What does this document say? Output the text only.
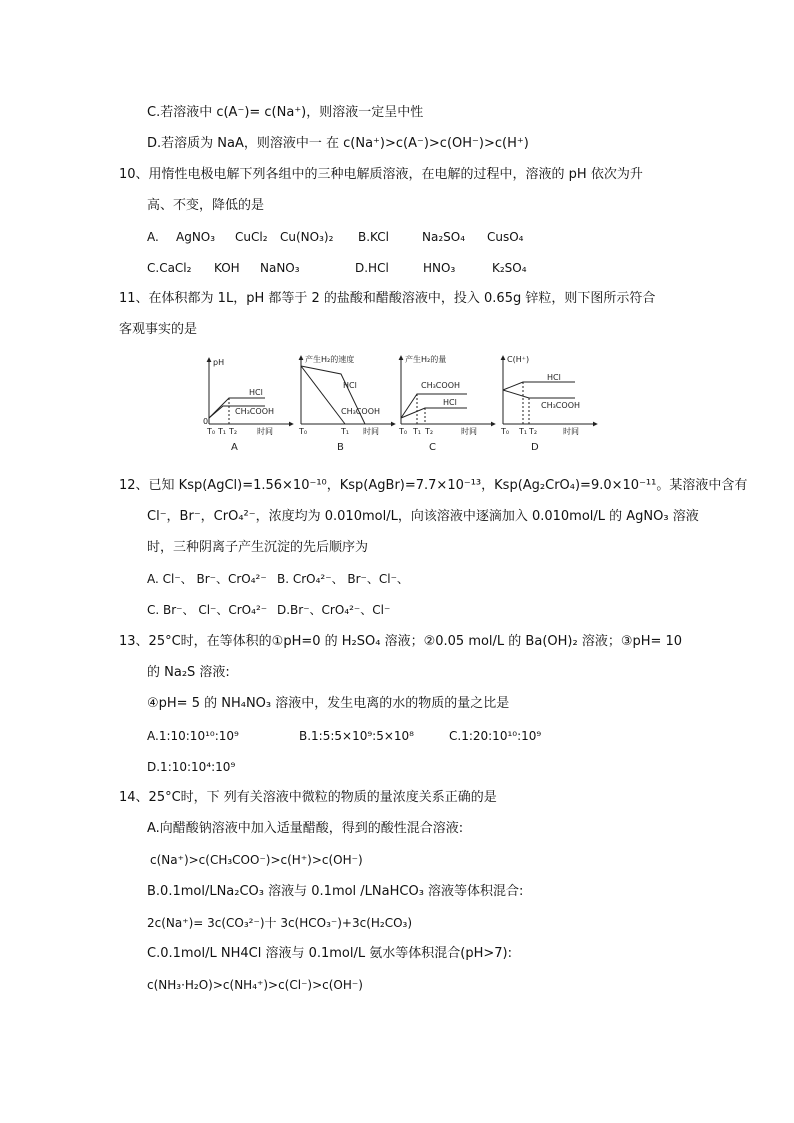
C.若溶液中 c(A⁻)= c(Na⁺)，则溶液一定呈中性
D.若溶质为 NaA，则溶液中一 在 c(Na⁺)>c(A⁻)>c(OH⁻)>c(H⁺)
10、用惰性电极电解下列各组中的三种电解质溶液，在电解的过程中，溶液的 pH 依次为升
高、不变，降低的是
A. AgNO₃ CuCl₂ Cu(NO₃)₂ B.KCl	Na₂SO₄ CusO₄
C.CaCl₂ KOH NaNO₃	D.HCl	HNO₃	K₂SO₄
11、在体积都为 1L，pH 都等于 2 的盐酸和醋酸溶液中，投入 0.65g 锌粒，则下图所示符合
客观事实的是
pH
HCl
CH₃COOH
0
T₀ T₁ T₂ 时间
A
产生H₂的速度
HCl
CH₃COOH
T₀	T₁ 时间
B
产生H₂的量
CH₃COOH
HCl
T₀ T₁ T₂	时间
C
C(H⁺)
HCl
CH₃COOH
T₀ T₁ T₂	时间
D
12、已知 Ksp(AgCl)=1.56×10⁻¹⁰，Ksp(AgBr)=7.7×10⁻¹³，Ksp(Ag₂CrO₄)=9.0×10⁻¹¹。某溶液中含有
Cl⁻，Br⁻，CrO₄²⁻，浓度均为 0.010mol/L，向该溶液中逐滴加入 0.010mol/L 的 AgNO₃ 溶液
时，三种阴离子产生沉淀的先后顺序为
A. Cl⁻、 Br⁻、CrO₄²⁻ B. CrO₄²⁻、 Br⁻、Cl⁻、
C. Br⁻、 Cl⁻、CrO₄²⁻ D.Br⁻、CrO₄²⁻、Cl⁻
13、25°C时，在等体积的①pH=0 的 H₂SO₄ 溶液；②0.05 mol/L 的 Ba(OH)₂ 溶液；③pH= 10
的 Na₂S 溶液:
④pH= 5 的 NH₄NO₃ 溶液中，发生电离的水的物质的量之比是
A.1:10:10¹⁰:10⁹	B.1:5:5×10⁹:5×10⁸	C.1:20:10¹⁰:10⁹
D.1:10:10⁴:10⁹
14、25°C时，下 列有关溶液中微粒的物质的量浓度关系正确的是
A.向醋酸钠溶液中加入适量醋酸，得到的酸性混合溶液:
c(Na⁺)>c(CH₃COO⁻)>c(H⁺)>c(OH⁻)
B.0.1mol/LNa₂CO₃ 溶液与 0.1mol /LNaHCO₃ 溶液等体积混合:
2c(Na⁺)= 3c(CO₃²⁻)十 3c(HCO₃⁻)+3c(H₂CO₃)
C.0.1mol/L NH4Cl 溶液与 0.1mol/L 氨水等体积混合(pH>7):
c(NH₃·H₂O)>c(NH₄⁺)>c(Cl⁻)>c(OH⁻)
